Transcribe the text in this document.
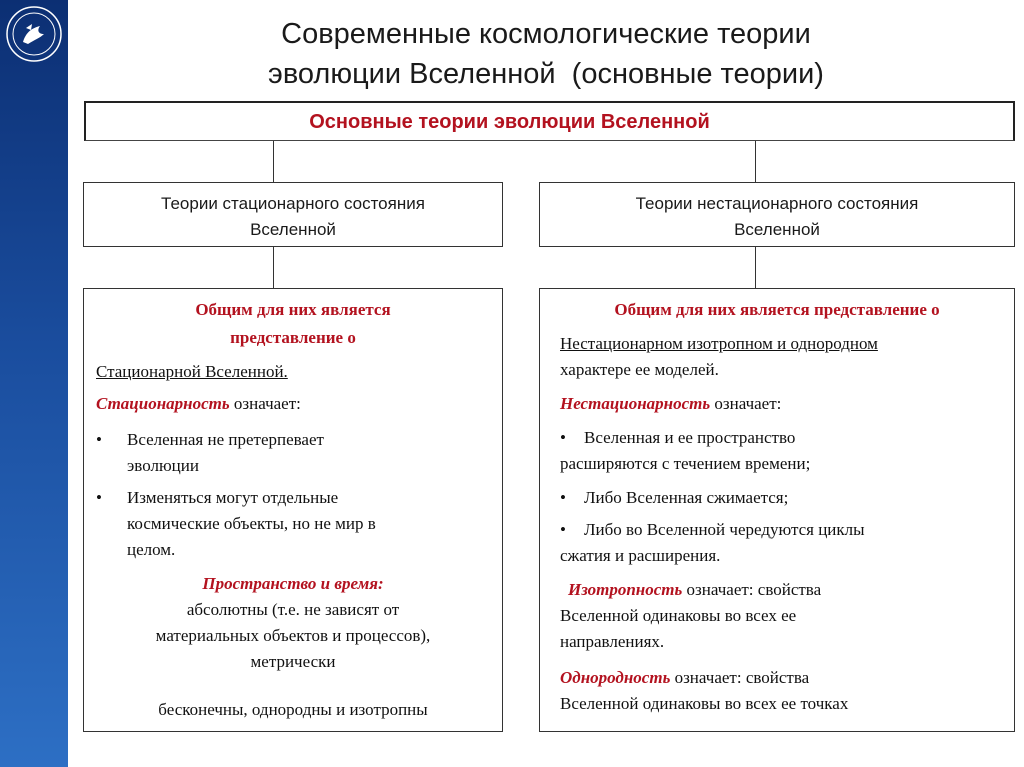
Современные космологические теории
эволюции Вселенной  (основные теории)
Основные теории эволюции Вселенной
Теории стационарного состояния
Вселенной
Теории нестационарного состояния
Вселенной
Общим для них является
представление о
Стационарной Вселенной.
Стационарность означает:
• Вселенная не претерпевает
эволюции
• Изменяться могут отдельные
космические объекты, но не мир в
целом.
Пространство и время:
абсолютны (т.е. не зависят от
материальных объектов и процессов),
метрически
бесконечны, однородны и изотропны
Общим для них является представление о
Нестационарном изотропном и однородном
характере ее моделей.
Нестационарность означает:
• Вселенная и ее пространство
расширяются с течением времени;
• Либо Вселенная сжимается;
• Либо во Вселенной чередуются циклы
сжатия и расширения.
Изотропность означает: свойства
Вселенной одинаковы во всех ее
направлениях.
Однородность означает: свойства
Вселенной одинаковы во всех ее точках
